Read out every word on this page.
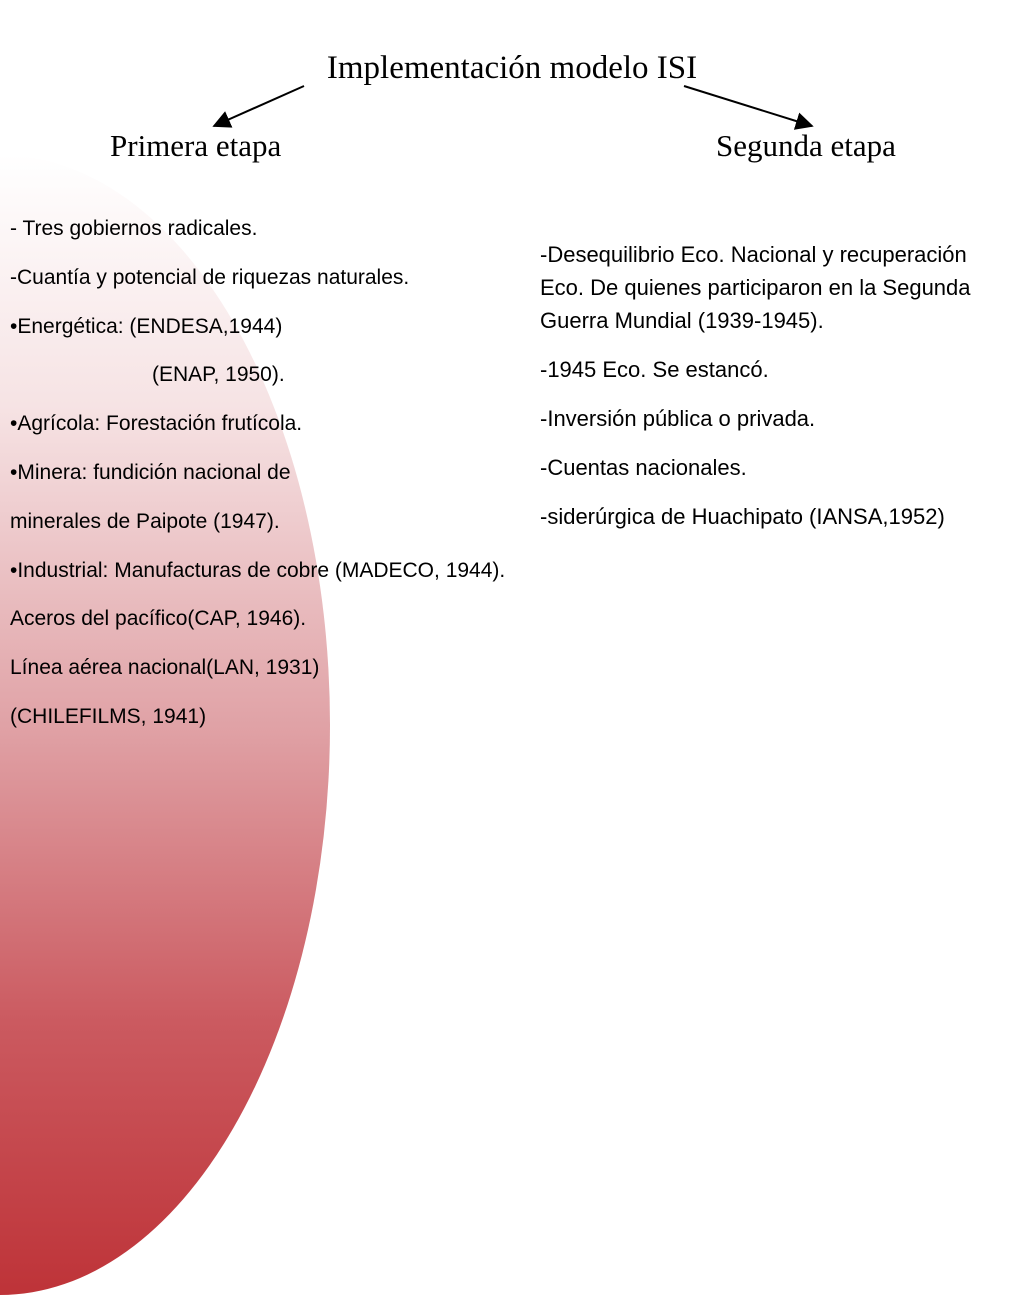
Implementación modelo ISI
Primera etapa	Segunda etapa
- Tres gobiernos radicales.
-Cuantía y potencial de riquezas naturales.
•Energética: (ENDESA,1944)
(ENAP, 1950).
•Agrícola: Forestación frutícola.
•Minera: fundición nacional de
minerales de Paipote (1947).
•Industrial: Manufacturas de cobre (MADECO, 1944).
Aceros del pacífico(CAP, 1946).
Línea aérea nacional(LAN, 1931)
(CHILEFILMS, 1941)
-Desequilibrio Eco. Nacional y recuperación Eco. De quienes participaron en la Segunda Guerra Mundial (1939-1945).
-1945 Eco. Se estancó.
-Inversión pública o privada.
-Cuentas nacionales.
-siderúrgica de Huachipato (IANSA,1952)
